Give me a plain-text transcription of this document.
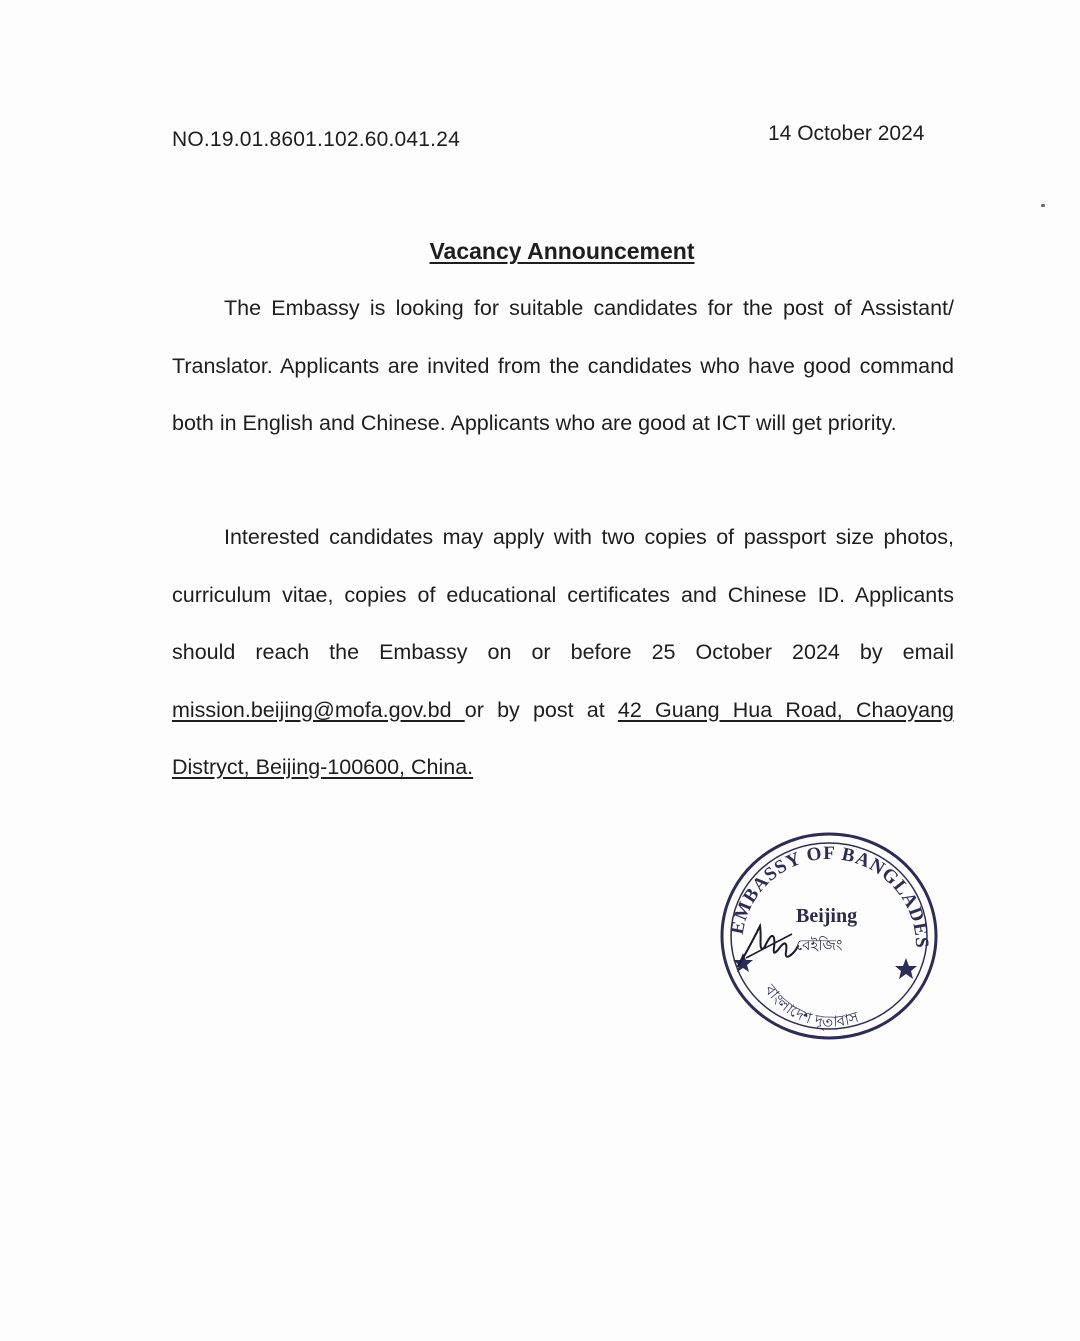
NO.19.01.8601.102.60.041.24	14 October 2024
Vacancy Announcement

The Embassy is looking for suitable candidates for the post of Assistant/ Translator. Applicants are invited from the candidates who have good command both in English and Chinese. Applicants who are good at ICT will get priority.

Interested candidates may apply with two copies of passport size photos, curriculum vitae, copies of educational certificates and Chinese ID. Applicants should reach the Embassy on or before 25 October 2024 by email mission.beijing@mofa.gov.bd or by post at 42 Guang Hua Road, Chaoyang Distryct, Beijing-100600, China.

EMBASSY OF BANGLADES
বাংলাদেশ দূতাবাস
Beijing
বেইজিং
